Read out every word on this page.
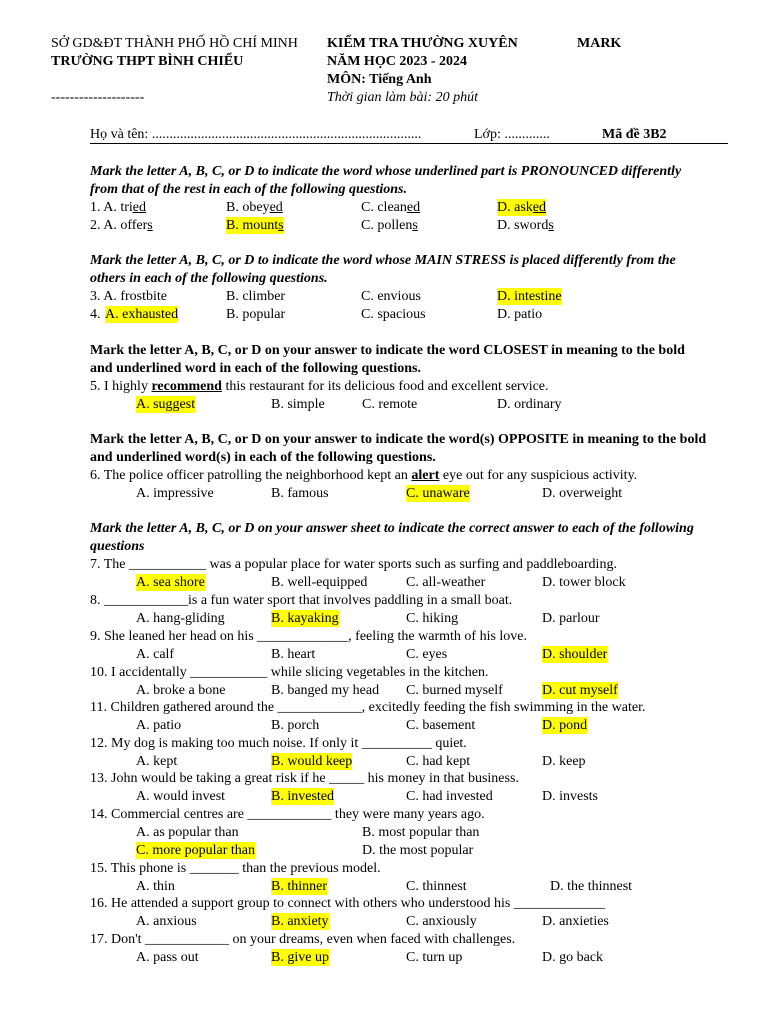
SỞ GD&ĐT THÀNH PHỐ HỒ CHÍ MINH
TRƯỜNG THPT BÌNH CHIỂU
--------------------
KIỂM TRA THƯỜNG XUYÊN	MARK
NĂM HỌC 2023 - 2024
MÔN: Tiếng Anh
Thời gian làm bài: 20 phút
Họ và tên: .............................................................................	Lớp: .............	Mã đề 3B2
Mark the letter A, B, C, or D to indicate the word whose underlined part is PRONOUNCED differently from that of the rest in each of the following questions.
1. A. tried	B. obeyed	C. cleaned	D. asked
2. A. offers	B. mounts	C. pollens	D. swords
Mark the letter A, B, C, or D to indicate the word whose MAIN STRESS is placed differently from the others in each of the following questions.
3. A. frostbite	B. climber	C. envious	D. intestine
4. A. exhausted	B. popular	C. spacious	D. patio
Mark the letter A, B, C, or D on your answer to indicate the word CLOSEST in meaning to the bold and underlined word in each of the following questions.
5. I highly recommend this restaurant for its delicious food and excellent service.
A. suggest	B. simple	C. remote	D. ordinary
Mark the letter A, B, C, or D on your answer to indicate the word(s) OPPOSITE in meaning to the bold and underlined word(s) in each of the following questions.
6. The police officer patrolling the neighborhood kept an alert eye out for any suspicious activity.
A. impressive	B. famous	C. unaware	D. overweight
Mark the letter A, B, C, or D on your answer sheet to indicate the correct answer to each of the following questions
7. The ___________ was a popular place for water sports such as surfing and paddleboarding.
A. sea shore	B. well-equipped	C. all-weather	D. tower block
8. ____________is a fun water sport that involves paddling in a small boat.
A. hang-gliding	B. kayaking	C. hiking	D. parlour
9. She leaned her head on his _____________, feeling the warmth of his love.
A. calf	B. heart	C. eyes	D. shoulder
10. I accidentally ___________ while slicing vegetables in the kitchen.
A. broke a bone	B. banged my head C. burned myself	D. cut myself
11. Children gathered around the ____________, excitedly feeding the fish swimming in the water.
A. patio	B. porch	C. basement	D. pond
12. My dog is making too much noise. If only it __________ quiet.
A. kept	B. would keep	C. had kept	D. keep
13. John would be taking a great risk if he _____ his money in that business.
A. would invest	B. invested	C. had invested	D. invests
14. Commercial centres are ____________ they were many years ago.
A. as popular than	B. most popular than
C. more popular than	D. the most popular
15. This phone is _______ than the previous model.
A. thin	B. thinner	C. thinnest	D. the thinnest
16. He attended a support group to connect with others who understood his _____________
A. anxious	B. anxiety	C. anxiously	D. anxieties
17. Don't ____________ on your dreams, even when faced with challenges.
A. pass out	B. give up	C. turn up	D. go back
